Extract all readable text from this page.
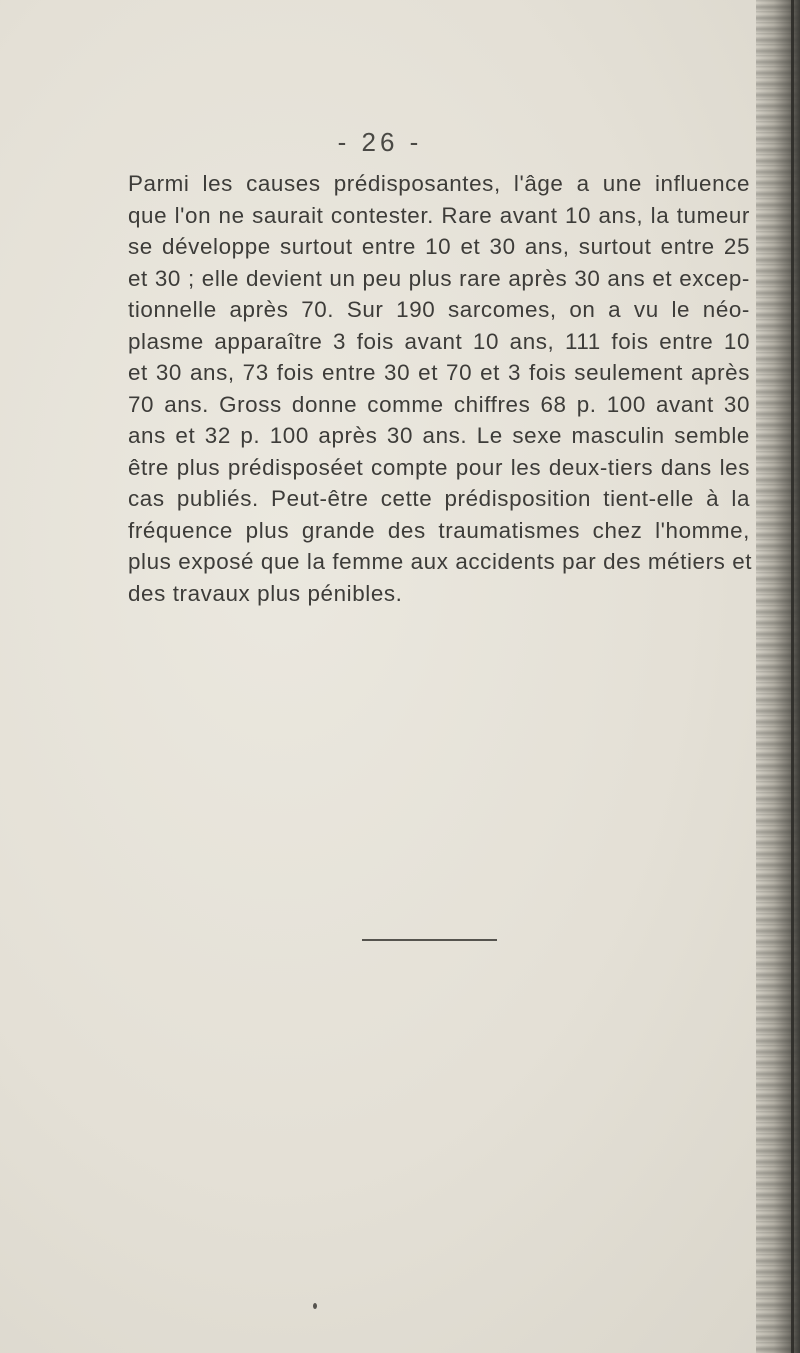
- 26 -
Parmi les causes prédisposantes, l'âge a une influence
que l'on ne saurait contester. Rare avant 10 ans, la tumeur
se développe surtout entre 10 et 30 ans, surtout entre 25
et 30 ; elle devient un peu plus rare après 30 ans et excep-
tionnelle après 70. Sur 190 sarcomes, on a vu le néo-
plasme apparaître 3 fois avant 10 ans, 111 fois entre 10
et 30 ans, 73 fois entre 30 et 70 et 3 fois seulement après
70 ans. Gross donne comme chiffres 68 p. 100 avant 30
ans et 32 p. 100 après 30 ans. Le sexe masculin semble
être plus prédisposéet compte pour les deux-tiers dans les
cas publiés. Peut-être cette prédisposition tient-elle à la
fréquence plus grande des traumatismes chez l'homme,
plus exposé que la femme aux accidents par des métiers et
des travaux plus pénibles.
